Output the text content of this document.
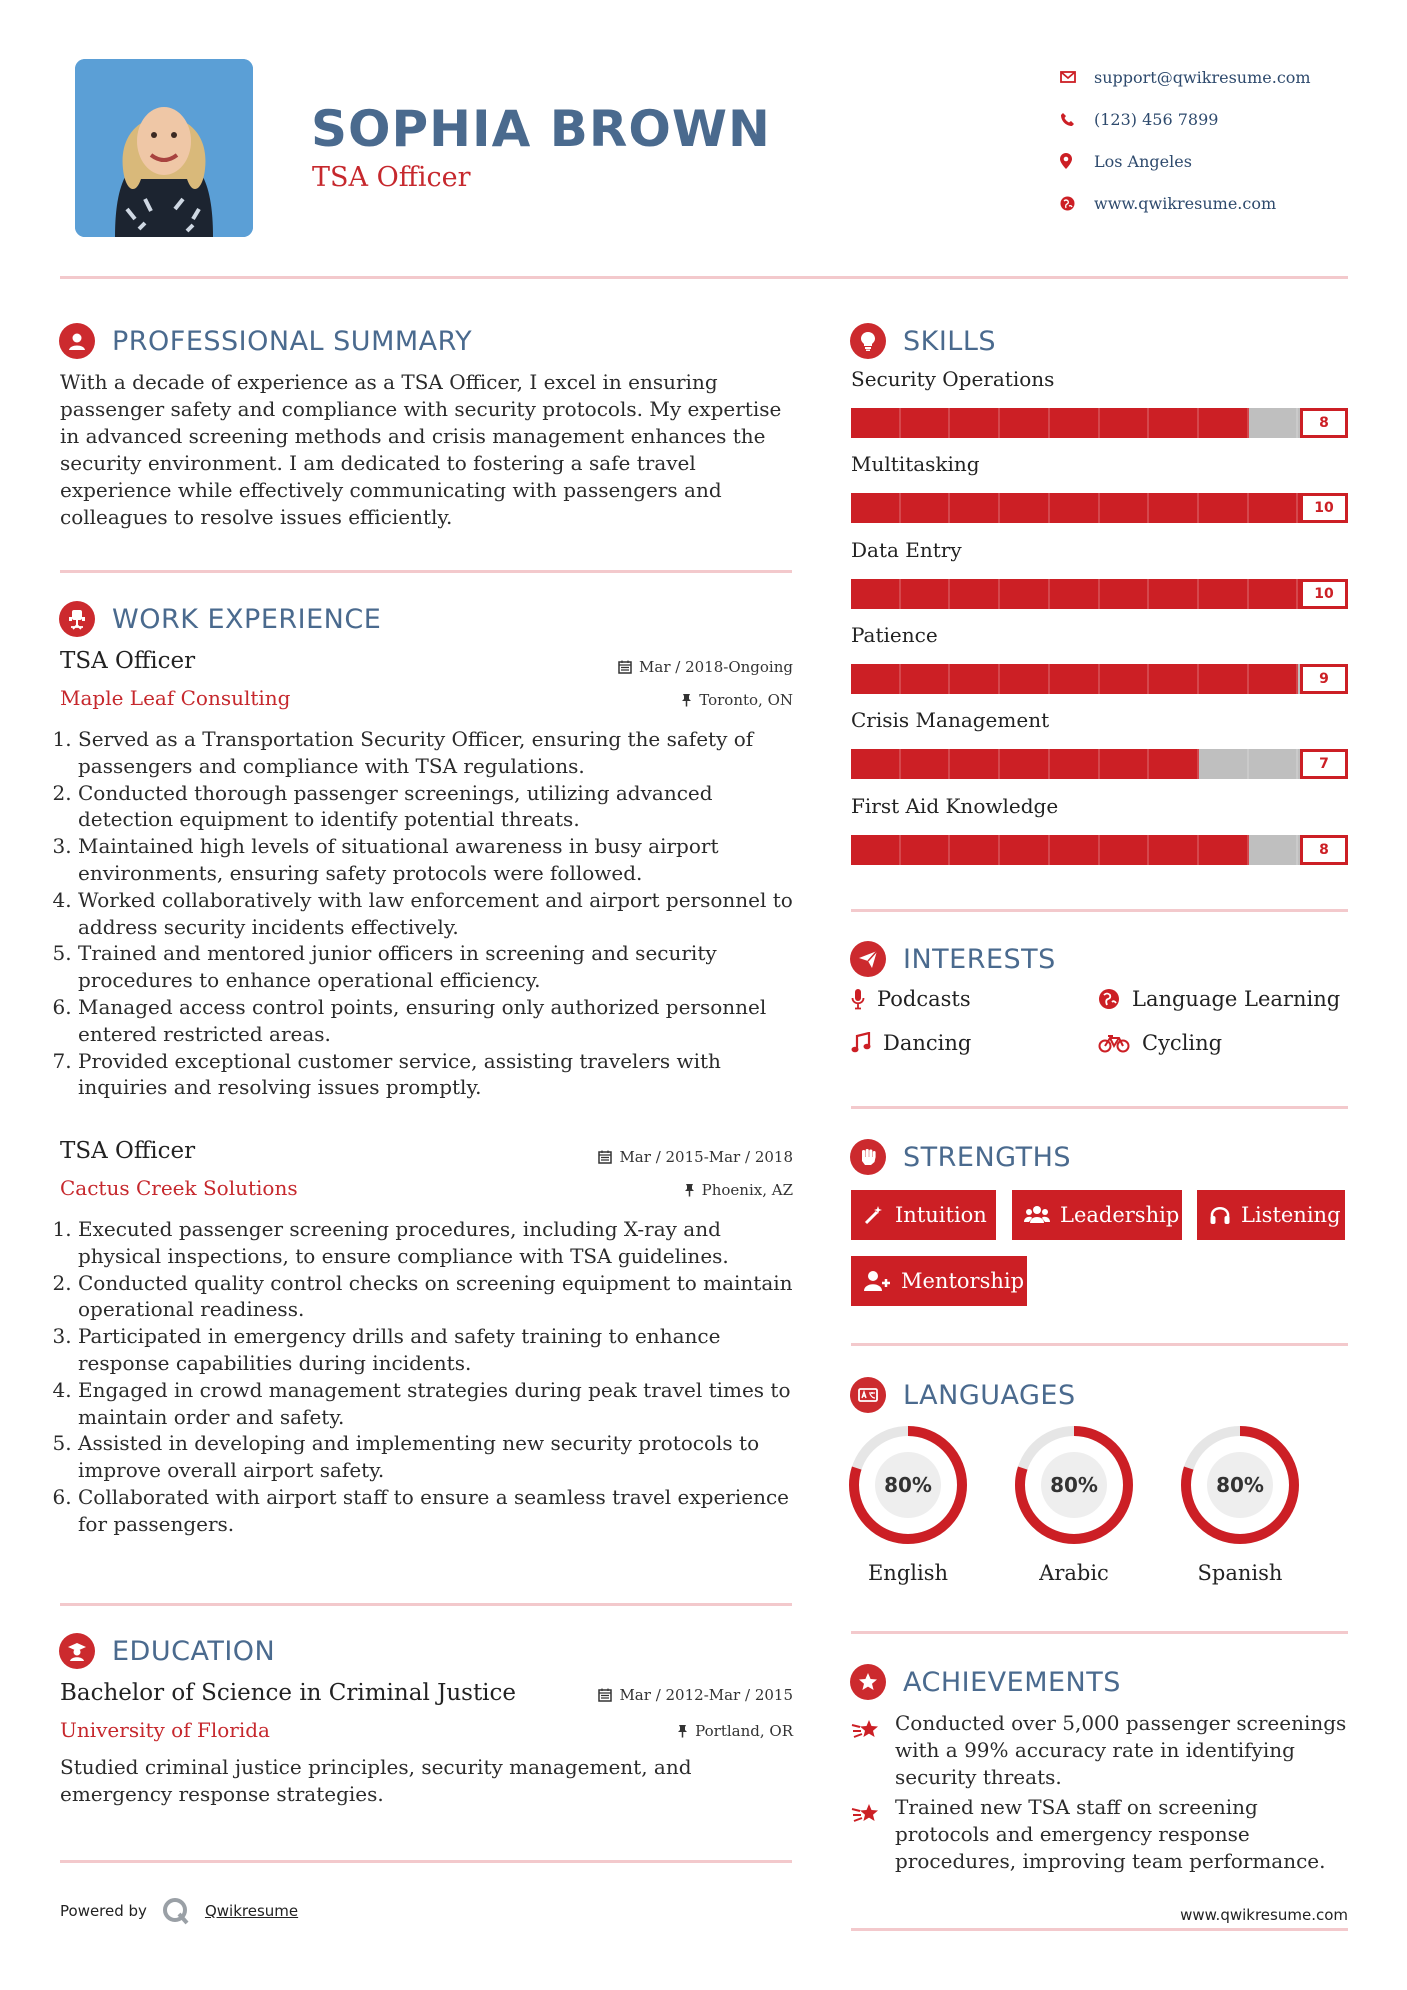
SOPHIA BROWN
TSA Officer
support@qwikresume.com
(123) 456 7899
Los Angeles
www.qwikresume.com
PROFESSIONAL SUMMARY
With a decade of experience as a TSA Officer, I excel in ensuring passenger safety and compliance with security protocols. My expertise in advanced screening methods and crisis management enhances the security environment. I am dedicated to fostering a safe travel experience while effectively communicating with passengers and colleagues to resolve issues efficiently.
WORK EXPERIENCE
TSA Officer
Maple Leaf Consulting
Mar / 2018-Ongoing
Toronto, ON
1. Served as a Transportation Security Officer, ensuring the safety of passengers and compliance with TSA regulations.
2. Conducted thorough passenger screenings, utilizing advanced detection equipment to identify potential threats.
3. Maintained high levels of situational awareness in busy airport environments, ensuring safety protocols were followed.
4. Worked collaboratively with law enforcement and airport personnel to address security incidents effectively.
5. Trained and mentored junior officers in screening and security procedures to enhance operational efficiency.
6. Managed access control points, ensuring only authorized personnel entered restricted areas.
7. Provided exceptional customer service, assisting travelers with inquiries and resolving issues promptly.
TSA Officer
Cactus Creek Solutions
Mar / 2015-Mar / 2018
Phoenix, AZ
1. Executed passenger screening procedures, including X-ray and physical inspections, to ensure compliance with TSA guidelines.
2. Conducted quality control checks on screening equipment to maintain operational readiness.
3. Participated in emergency drills and safety training to enhance response capabilities during incidents.
4. Engaged in crowd management strategies during peak travel times to maintain order and safety.
5. Assisted in developing and implementing new security protocols to improve overall airport safety.
6. Collaborated with airport staff to ensure a seamless travel experience for passengers.
EDUCATION
Bachelor of Science in Criminal Justice
University of Florida
Mar / 2012-Mar / 2015
Portland, OR
Studied criminal justice principles, security management, and emergency response strategies.
Powered by	Qwikresume
SKILLS
Security Operations
8
Multitasking
10
Data Entry
10
Patience
9
Crisis Management
7
First Aid Knowledge
8
INTERESTS
Podcasts	Language Learning
Dancing	Cycling
STRENGTHS
Intuition	Leadership	Listening
Mentorship
LANGUAGES
80%
English
80%
Arabic
80%
Spanish
ACHIEVEMENTS
Conducted over 5,000 passenger screenings with a 99% accuracy rate in identifying security threats.
Trained new TSA staff on screening protocols and emergency response procedures, improving team performance.
www.qwikresume.com
